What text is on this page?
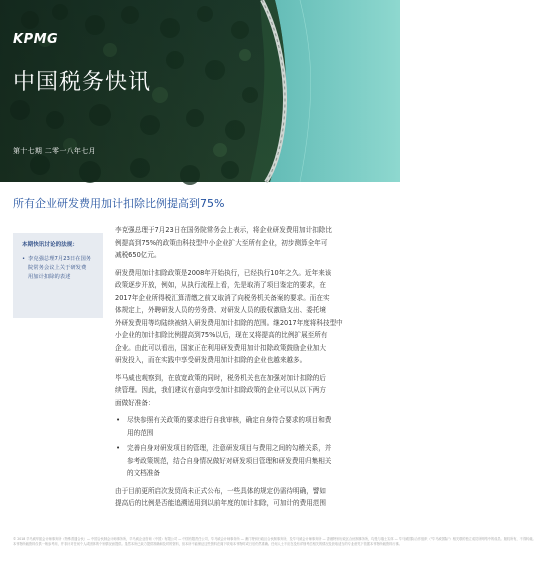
KPMG
中国税务快讯
第十七期 二零一八年七月
所有企业研发费用加计扣除比例提高到75%
本期快讯讨论的法规：
• 李克强总理7月23日在国务
院常务会议上关于研发费
用加计扣除的表述

李克强总理于7月23日在国务院常务会上表示，将企业研发费用加计扣除比
例提高到75%的政策由科技型中小企业扩大至所有企业，初步测算全年可
减税650亿元。

研发费用加计扣除政策是2008年开始执行，已经执行10年之久。近年来该
政策逐步开放，例如，从执行流程上看，先是取消了项目鉴定的要求，在
2017年企业所得税汇算清缴之前又取消了向税务机关备案的要求。而在实
体规定上，外聘研发人员的劳务费、对研发人员的股权激励支出、委托境
外研发费用等均陆续被纳入研发费用加计扣除的范围。继2017年度将科技型中
小企业的加计扣除比例提高到75%以后，现在又将提高的比例扩展至所有
企业。由此可以看出，国家正在利用研发费用加计扣除政策鼓励企业加大
研发投入，而在实践中享受研发费用加计扣除的企业也越来越多。

毕马威也观察到，在放宽政策的同时，税务机关也在加强对加计扣除的后
续管理。因此，我们建议有意向享受加计扣除政策的企业可以从以下两方
面做好准备：

• 尽快参照有关政策的要求进行自我审核，确定自身符合要求的项目和费
用的范围
• 完善自身对研发项目的管理，注意研发项目与费用之间的勾稽关系，并
参考政策规范，结合自身情况做好对研发项目管理和研发费用归集相关
的文档准备

由于目前更所启次发贸尚未正式公布，一些具体的规定仍需待明确，譬如
提高后的比例是否能追溯适用到以前年度的加计扣除，可加计的费用范围

© 2018 毕马威华振会计师事务所（特殊普通合伙）— 中国合伙制会计师事务所，毕马威企业咨询（中国）有限公司 — 中国有限责任公司，毕马威会计师事务所 — 澳门特别行政区合伙制事务所，及毕马威会计师事务所 — 香港特别行政区合伙制事务所，均是与瑞士实体 — 毕马威国际合作组织（"毕马威国际"）相关联的独立成员所网络中的成员。版权所有，不得转载。
本刊物所载资料仅供一般参考用，并非针对任何个人或团体的个别情况而提供。虽然本所已致力提供准确和及时的资料，但本所不能保证这些资料在阁下收取本刊物时或日后仍然准确。任何人士不应在没有详细考虑相关的情况及获取适当的专业意见下依据本刊物所载资料行事。
